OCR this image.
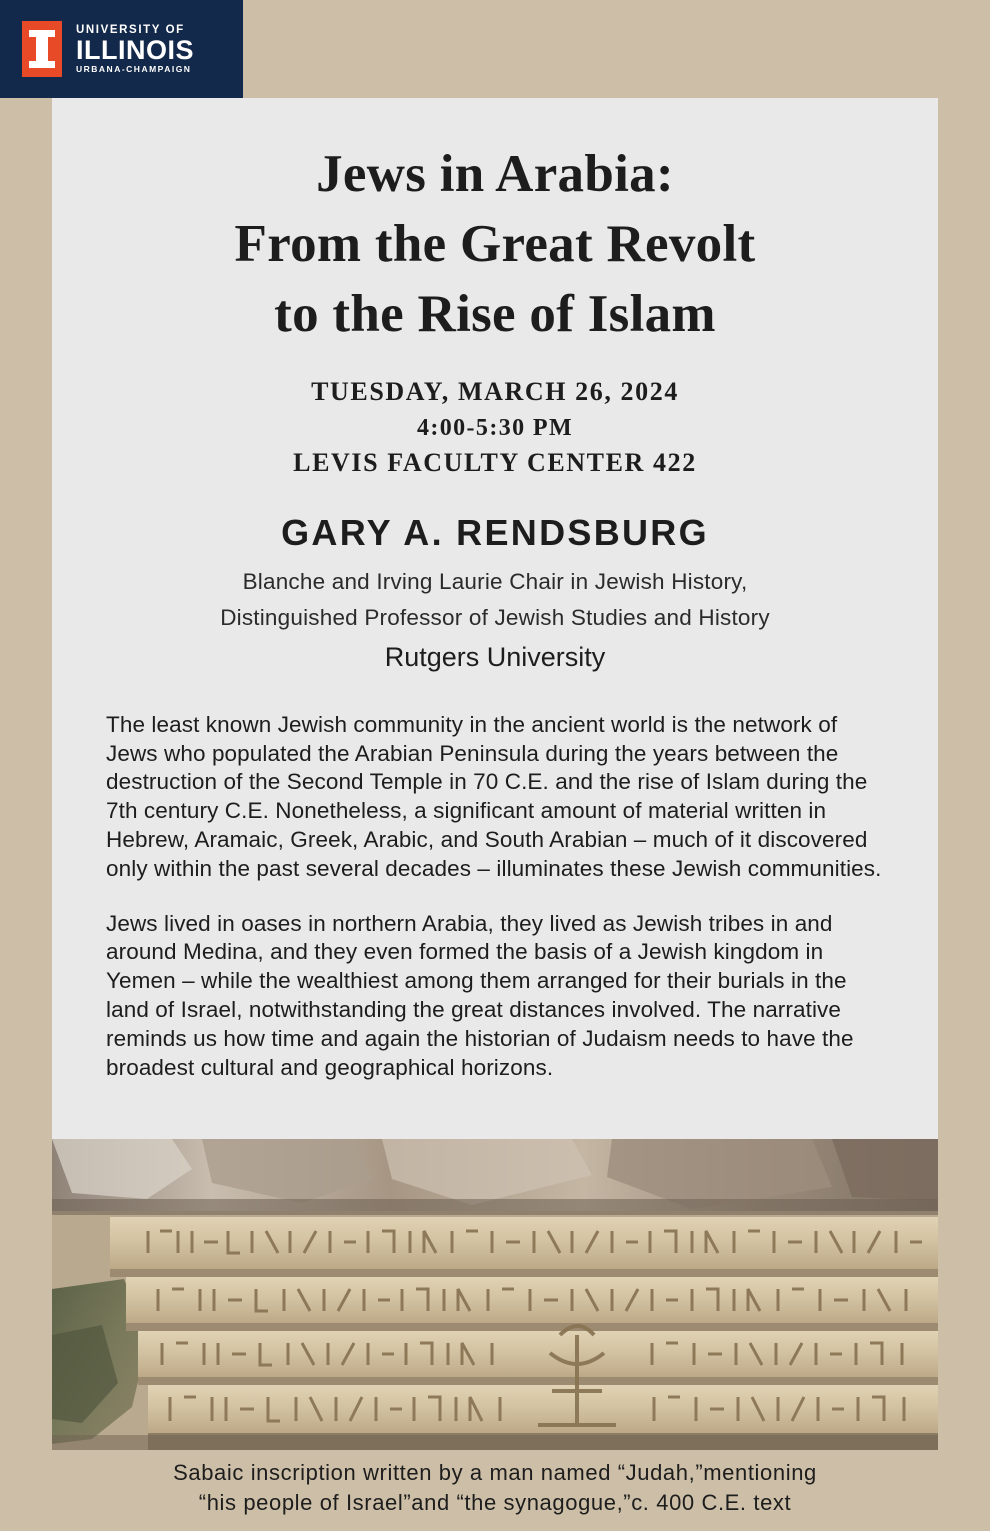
UNIVERSITY OF
ILLINOIS
URBANA-CHAMPAIGN
Jews in Arabia:
From the Great Revolt
to the Rise of Islam
TUESDAY, MARCH 26, 2024
4:00-5:30 PM
LEVIS FACULTY CENTER 422
GARY A. RENDSBURG
Blanche and Irving Laurie Chair in Jewish History,
Distinguished Professor of Jewish Studies and History
Rutgers University

The least known Jewish community in the ancient world is the network of Jews who populated the Arabian Peninsula during the years between the destruction of the Second Temple in 70 C.E. and the rise of Islam during the 7th century C.E. Nonetheless, a significant amount of material written in Hebrew, Aramaic, Greek, Arabic, and South Arabian – much of it discovered only within the past several decades – illuminates these Jewish communities.

Jews lived in oases in northern Arabia, they lived as Jewish tribes in and around Medina, and they even formed the basis of a Jewish kingdom in Yemen – while the wealthiest among them arranged for their burials in the land of Israel, notwithstanding the great distances involved. The narrative reminds us how time and again the historian of Judaism needs to have the broadest cultural and geographical horizons.

Sabaic inscription written by a man named “Judah,”mentioning
“his people of Israel”and “the synagogue,”c. 400 C.E. text
